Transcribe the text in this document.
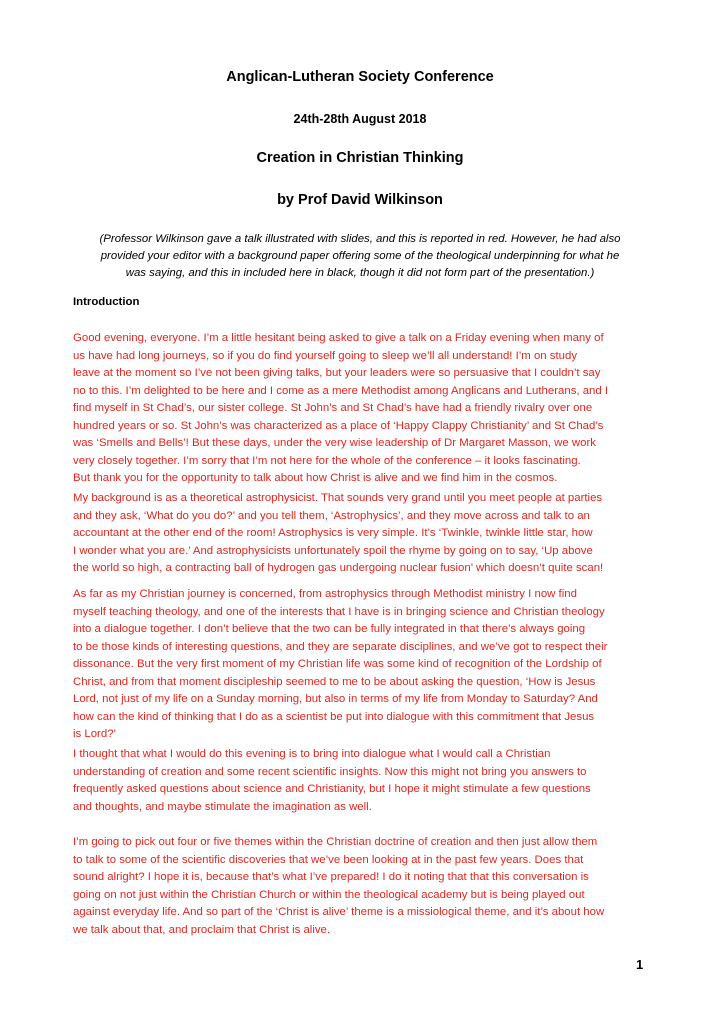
Anglican-Lutheran Society Conference
24th-28th August 2018
Creation in Christian Thinking
by Prof David Wilkinson
(Professor Wilkinson gave a talk illustrated with slides, and this is reported in red. However, he had also
provided your editor with a background paper offering some of the theological underpinning for what he
was saying, and this in included here in black, though it did not form part of the presentation.)
Introduction
Good evening, everyone. I’m a little hesitant being asked to give a talk on a Friday evening when many of
us have had long journeys, so if you do find yourself going to sleep we’ll all understand! I’m on study
leave at the moment so I’ve not been giving talks, but your leaders were so persuasive that I couldn’t say
no to this. I’m delighted to be here and I come as a mere Methodist among Anglicans and Lutherans, and I
find myself in St Chad’s, our sister college. St John’s and St Chad’s have had a friendly rivalry over one
hundred years or so. St John’s was characterized as a place of ‘Happy Clappy Christianity’ and St Chad’s
was ‘Smells and Bells’! But these days, under the very wise leadership of Dr Margaret Masson, we work
very closely together. I’m sorry that I’m not here for the whole of the conference – it looks fascinating.
But thank you for the opportunity to talk about how Christ is alive and we find him in the cosmos.
My background is as a theoretical astrophysicist. That sounds very grand until you meet people at parties
and they ask, ‘What do you do?’ and you tell them, ‘Astrophysics’, and they move across and talk to an
accountant at the other end of the room! Astrophysics is very simple. It’s ‘Twinkle, twinkle little star, how
I wonder what you are.’ And astrophysicists unfortunately spoil the rhyme by going on to say, ‘Up above
the world so high, a contracting ball of hydrogen gas undergoing nuclear fusion’ which doesn’t quite scan!
As far as my Christian journey is concerned, from astrophysics through Methodist ministry I now find
myself teaching theology, and one of the interests that I have is in bringing science and Christian theology
into a dialogue together. I don’t believe that the two can be fully integrated in that there’s always going
to be those kinds of interesting questions, and they are separate disciplines, and we’ve got to respect their
dissonance. But the very first moment of my Christian life was some kind of recognition of the Lordship of
Christ, and from that moment discipleship seemed to me to be about asking the question, ‘How is Jesus
Lord, not just of my life on a Sunday morning, but also in terms of my life from Monday to Saturday? And
how can the kind of thinking that I do as a scientist be put into dialogue with this commitment that Jesus
is Lord?’
I thought that what I would do this evening is to bring into dialogue what I would call a Christian
understanding of creation and some recent scientific insights. Now this might not bring you answers to
frequently asked questions about science and Christianity, but I hope it might stimulate a few questions
and thoughts, and maybe stimulate the imagination as well.
I’m going to pick out four or five themes within the Christian doctrine of creation and then just allow them
to talk to some of the scientific discoveries that we’ve been looking at in the past few years. Does that
sound alright? I hope it is, because that’s what I’ve prepared! I do it noting that that this conversation is
going on not just within the Christian Church or within the theological academy but is being played out
against everyday life. And so part of the ‘Christ is alive’ theme is a missiological theme, and it’s about how
we talk about that, and proclaim that Christ is alive.
1
